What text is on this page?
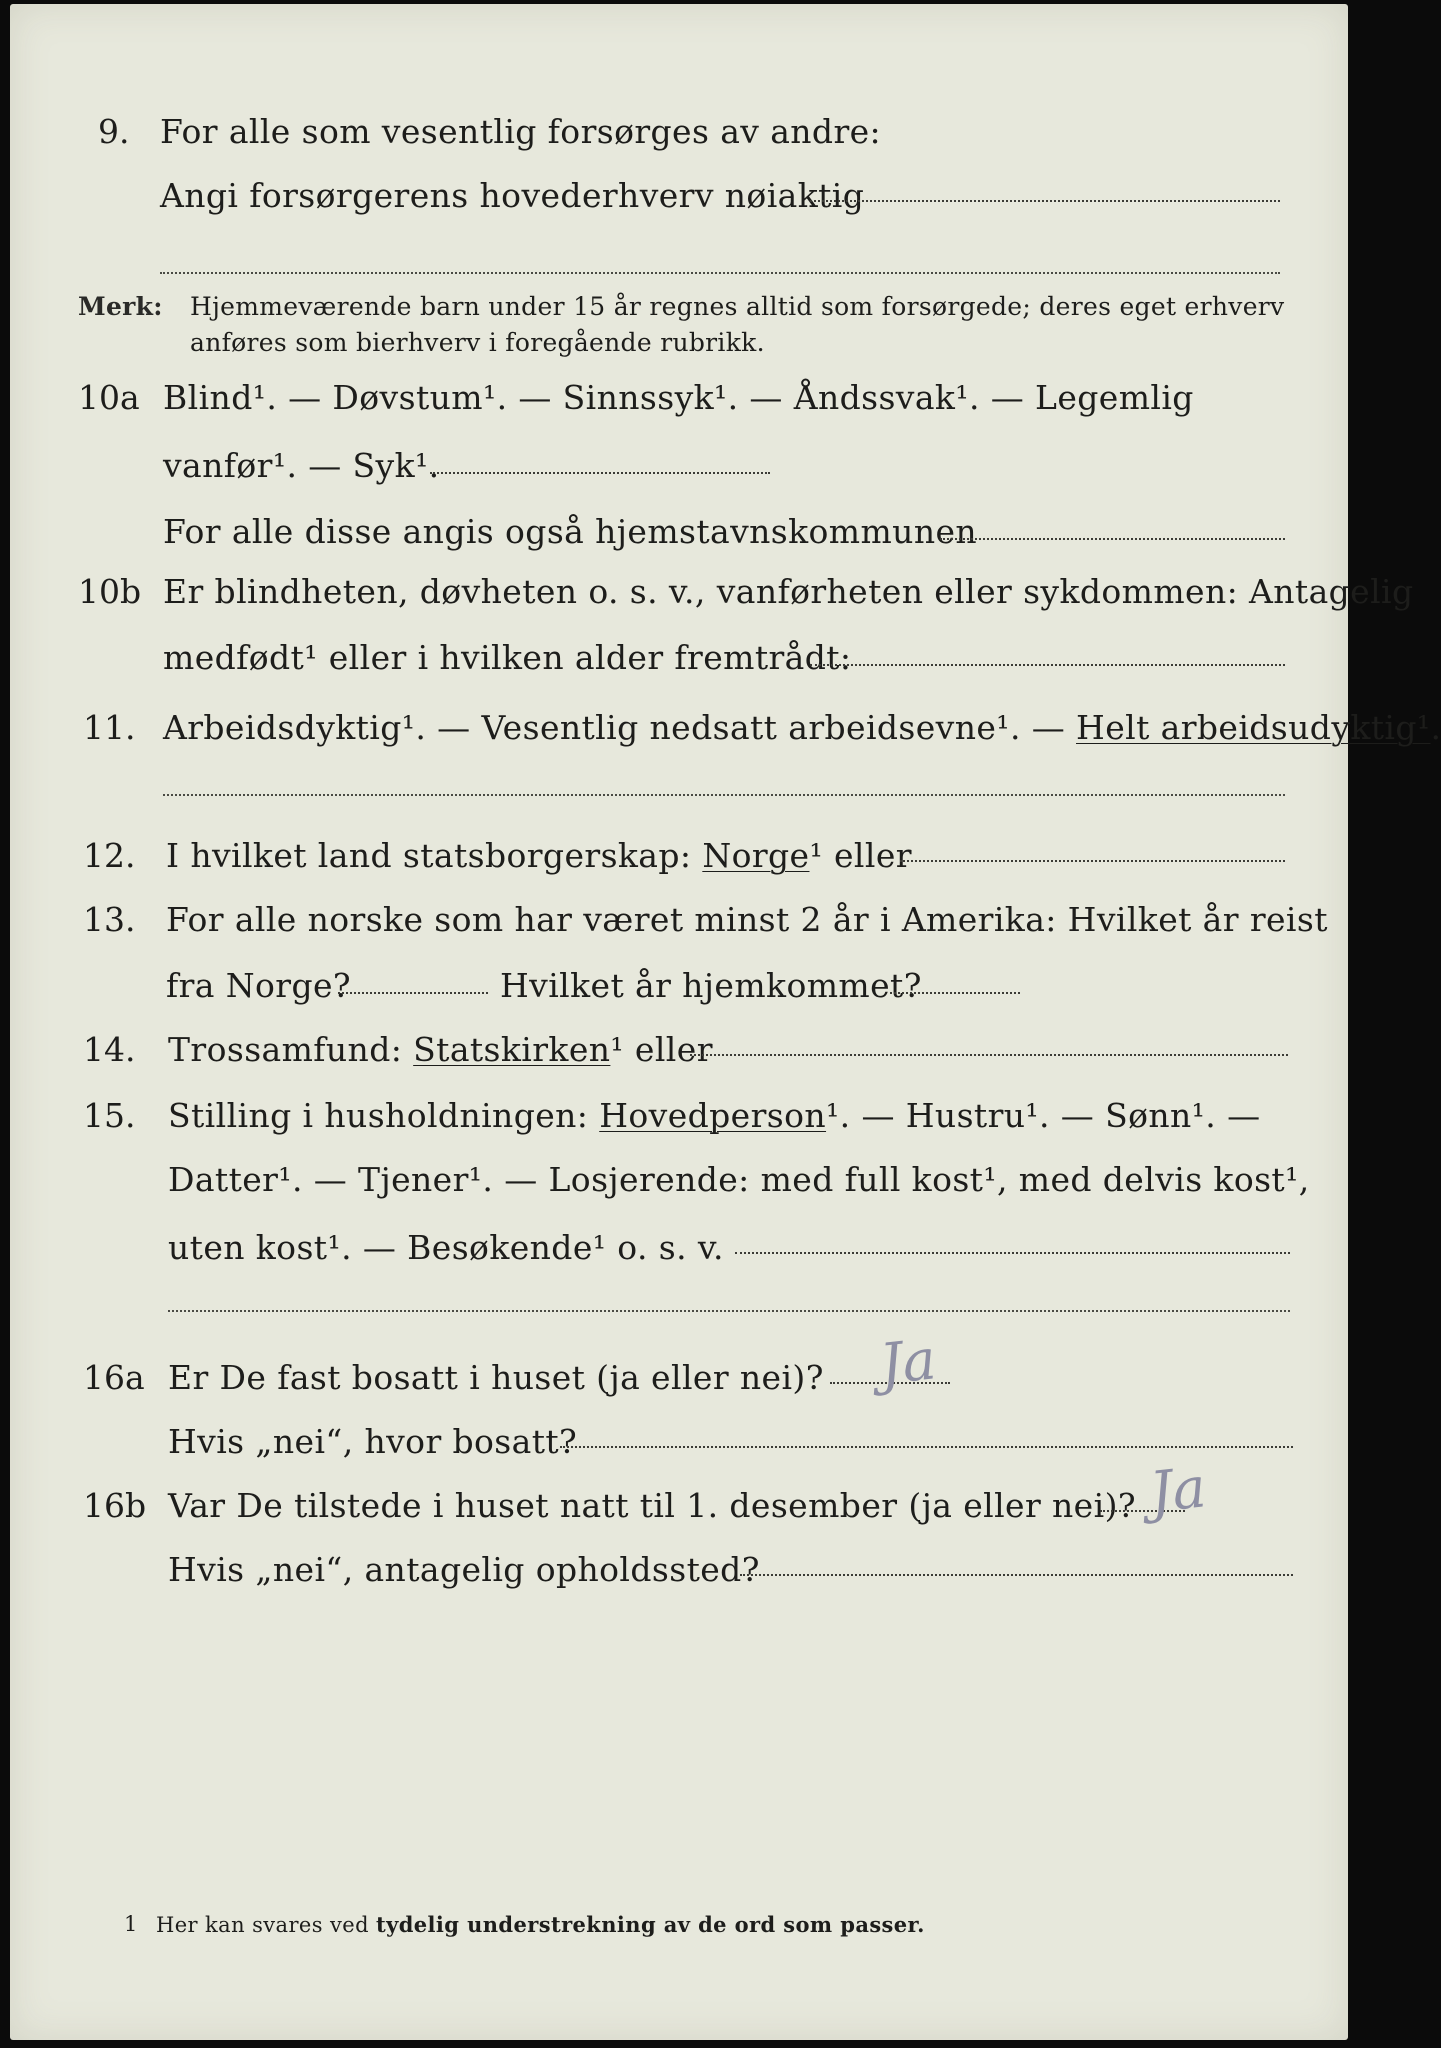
9. For alle som vesentlig forsørges av andre:
Angi forsørgerens hovederhverv nøiaktig
Merk: Hjemmeværende barn under 15 år regnes alltid som forsørgede; deres eget erhverv
anføres som bierhverv i foregående rubrikk.
10a Blind¹. — Døvstum¹. — Sinnssyk¹. — Åndssvak¹. — Legemlig
vanfør¹. — Syk¹.
For alle disse angis også hjemstavnskommunen
10b Er blindheten, døvheten o. s. v., vanførheten eller sykdommen: Antagelig
medfødt¹ eller i hvilken alder fremtrådt:
11. Arbeidsdyktig¹. — Vesentlig nedsatt arbeidsevne¹. — Helt arbeidsudyktig¹.
12. I hvilket land statsborgerskap: Norge¹ eller
13. For alle norske som har været minst 2 år i Amerika: Hvilket år reist
fra Norge?	Hvilket år hjemkommet?
14. Trossamfund: Statskirken¹ eller
15. Stilling i husholdningen: Hovedperson¹. — Hustru¹. — Sønn¹. —
Datter¹. — Tjener¹. — Losjerende: med full kost¹, med delvis kost¹,
uten kost¹. — Besøkende¹ o. s. v.
16a Er De fast bosatt i huset (ja eller nei)? Ja
Hvis „nei“, hvor bosatt?
16b Var De tilstede i huset natt til 1. desember (ja eller nei)? Ja
Hvis „nei“, antagelig opholdssted?
1 Her kan svares ved tydelig understrekning av de ord som passer.
